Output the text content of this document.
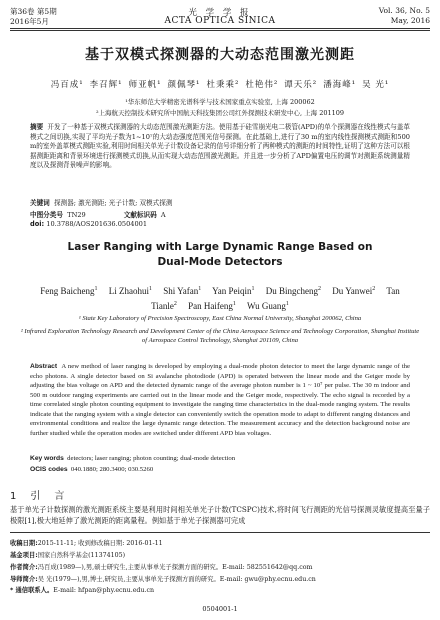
第36卷 第5期	光 学 学 报	Vol. 36, No. 5
2016年5月	ACTA OPTICA SINICA	May, 2016
基于双模式探测器的大动态范围激光测距
冯百成¹ 李召辉¹ 师亚帆¹ 颜佩琴¹ 杜秉乘² 杜艳伟² 谭天乐² 潘海峰¹ 吴 光¹
¹华东师范大学精密光谱科学与技术国家重点实验室, 上海 200062
²上海航天控制技术研究所中国航天科技集团公司红外探测技术研发中心, 上海 201109
摘要 开发了一种基于双模式探测器的大动态范围激光测距方法。使用基于硅雪崩光电二极管(APD)的单个探测器在线性模式与盖革模式之间切换,实现了平均光子数为1~10⁷的大动态强度范围光信号探测。在此基础上,进行了30 m的室内线性探测模式测距和500 m的室外盖革模式测距实验,利用时间相关单光子计数设备记录的信号详细分析了两种模式的测距的时间特性,证明了这种方法可以根据测距距离和背景环境进行探测模式切换,从而实现大动态范围激光测距。并且进一步分析了APD偏置电压的调节对测距系统测量精度以及探测背景噪声的影响。
关键词 探测器; 激光测距; 光子计数; 双模式探测
中图分类号 TN29	文献标识码 A
doi: 10.3788/AOS201636.0504001
Laser Ranging with Large Dynamic Range Based on
Dual-Mode Detectors
Feng Baicheng$^1$  Li Zhaohui$^1$  Shi Yafan$^1$  Yan Peiqin$^1$  Du Bingcheng$^2$  Du Yanwei$^2$  Tan Tianle$^2$  Pan Haifeng$^1$  Wu Guang$^1$
¹ State Key Laboratory of Precision Spectroscopy, East China Normal University, Shanghai 200062, China
² Infrared Exploration Technology Research and Development Center of the China Aerospace Science and Technology Corporation, Shanghai Institute of Aerospace Control Technology, Shanghai 201109, China
Abstract A new method of laser ranging is developed by employing a dual-mode photon detector to meet the large dynamic range of the echo photons. A single detector based on Si avalanche photodiode (APD) is operated between the linear mode and the Geiger mode by adjusting the bias voltage on APD and the detected dynamic range of the average photon number is 1 ~ 10⁷ per pulse. The 30 m indoor and 500 m outdoor ranging experiments are carried out in the linear mode and the Geiger mode, respectively. The echo signal is recorded by a time correlated single photon counting equipment to investigate the ranging time characteristics in the dual-mode ranging system. The results indicate that the ranging system with a single detector can conveniently switch the operation mode to adapt to different ranging distances and environmental conditions and realize the large dynamic range detection. The measurement accuracy and the detection background noise are further studied while the operation modes are switched under different APD bias voltages.
Key words detectors; laser ranging; photon counting; dual-mode detection
OCIS codes 040.1880; 280.3400; 030.5260
1 引言
基于单光子计数探测的激光测距系统主要是利用时间相关单光子计数(TCSPC)技术,将时间飞行测距的光信号探测灵敏度提高至量子极限[1],极大地延伸了激光测距的距离量程。例如基于单光子探测器可完成
收稿日期:2015-11-11; 收到修改稿日期: 2016-01-11
基金项目:国家自然科学基金(11374105)
作者简介:冯百成(1989—),男,硕士研究生,主要从事单光子探测方面的研究。E-mail: 582551642@qq.com
导师简介:吴 光(1979—),男,博士,研究员,主要从事单光子探测方面的研究。E-mail: gwu@phy.ecnu.edu.cn
* 通信联系人。E-mail: hfpan@phy.ecnu.edu.cn
0504001-1
